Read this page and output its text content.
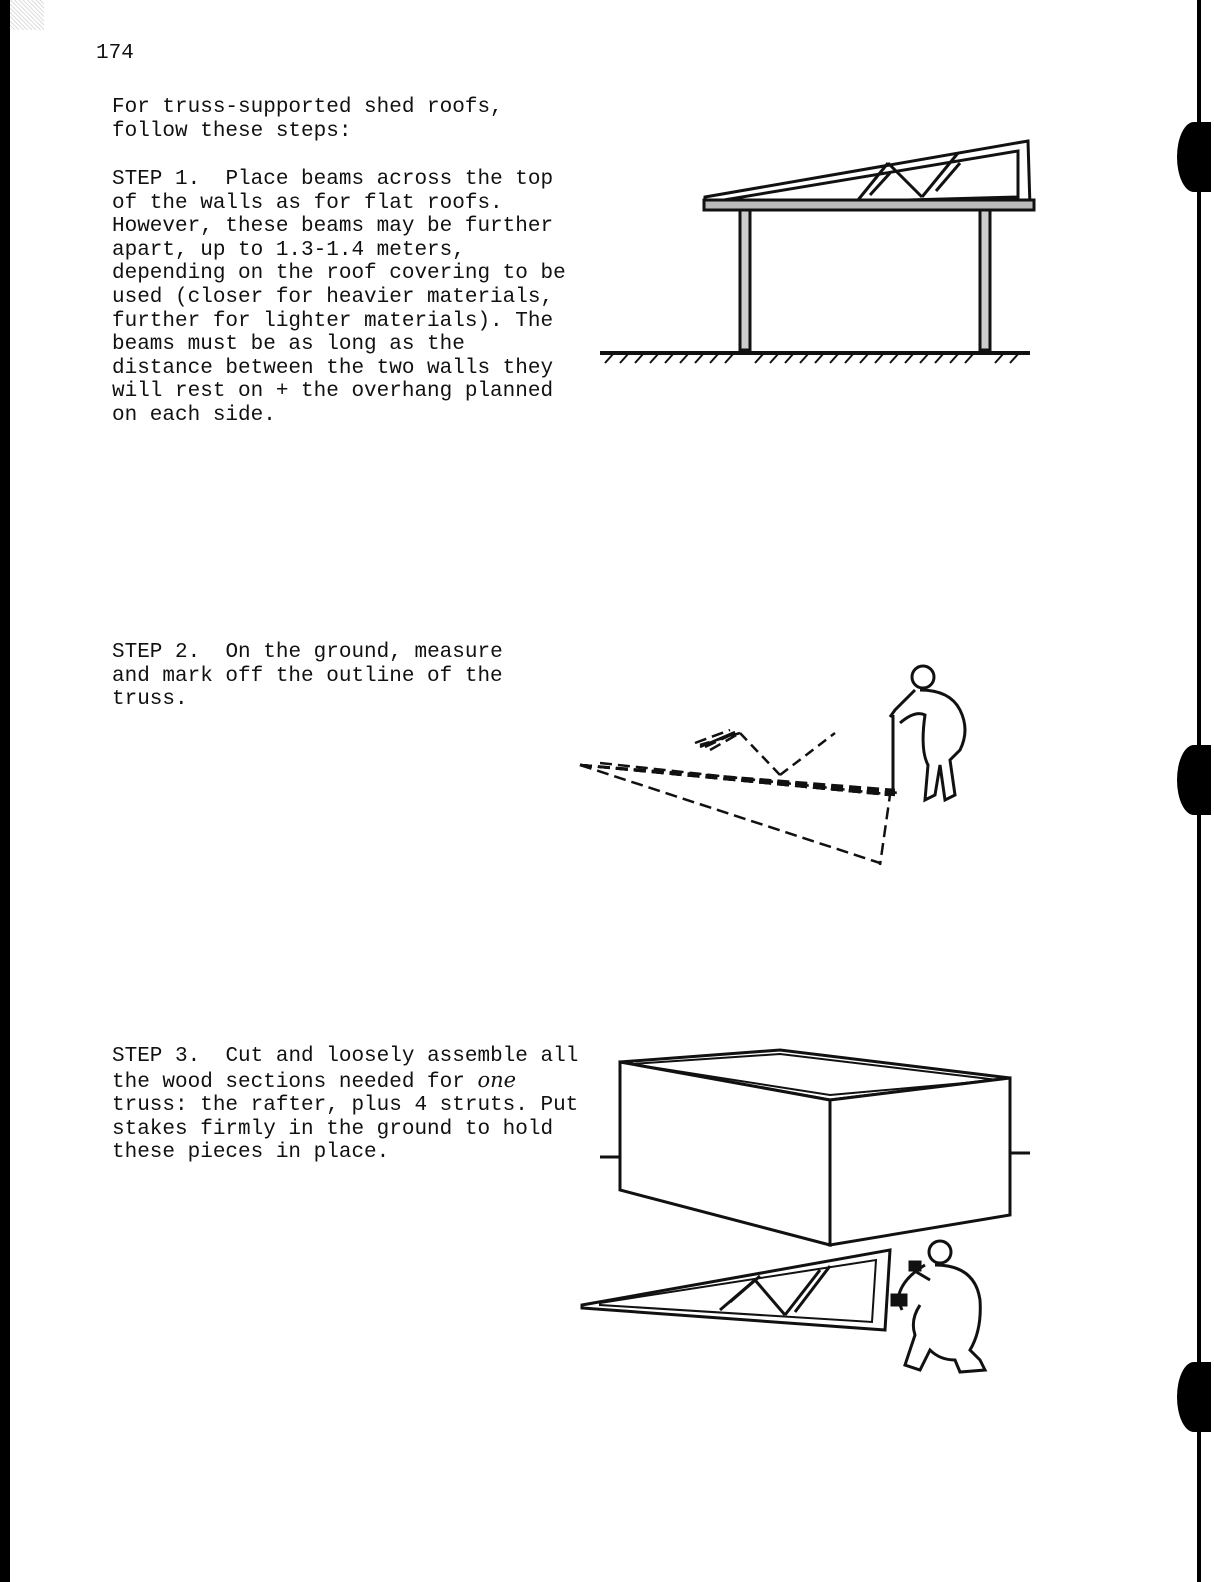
174
For truss-supported shed roofs,
follow these steps:

STEP 1. Place beams across the top of the walls as for flat roofs. However, these beams may be further apart, up to 1.3-1.4 meters, depending on the roof covering to be used (closer for heavier materials, further for lighter materials). The beams must be as long as the distance between the two walls they will rest on + the overhang planned on each side.

STEP 2. On the ground, measure and mark off the outline of the truss.

STEP 3. Cut and loosely assemble all the wood sections needed for one truss: the rafter, plus 4 struts. Put stakes firmly in the ground to hold these pieces in place.
